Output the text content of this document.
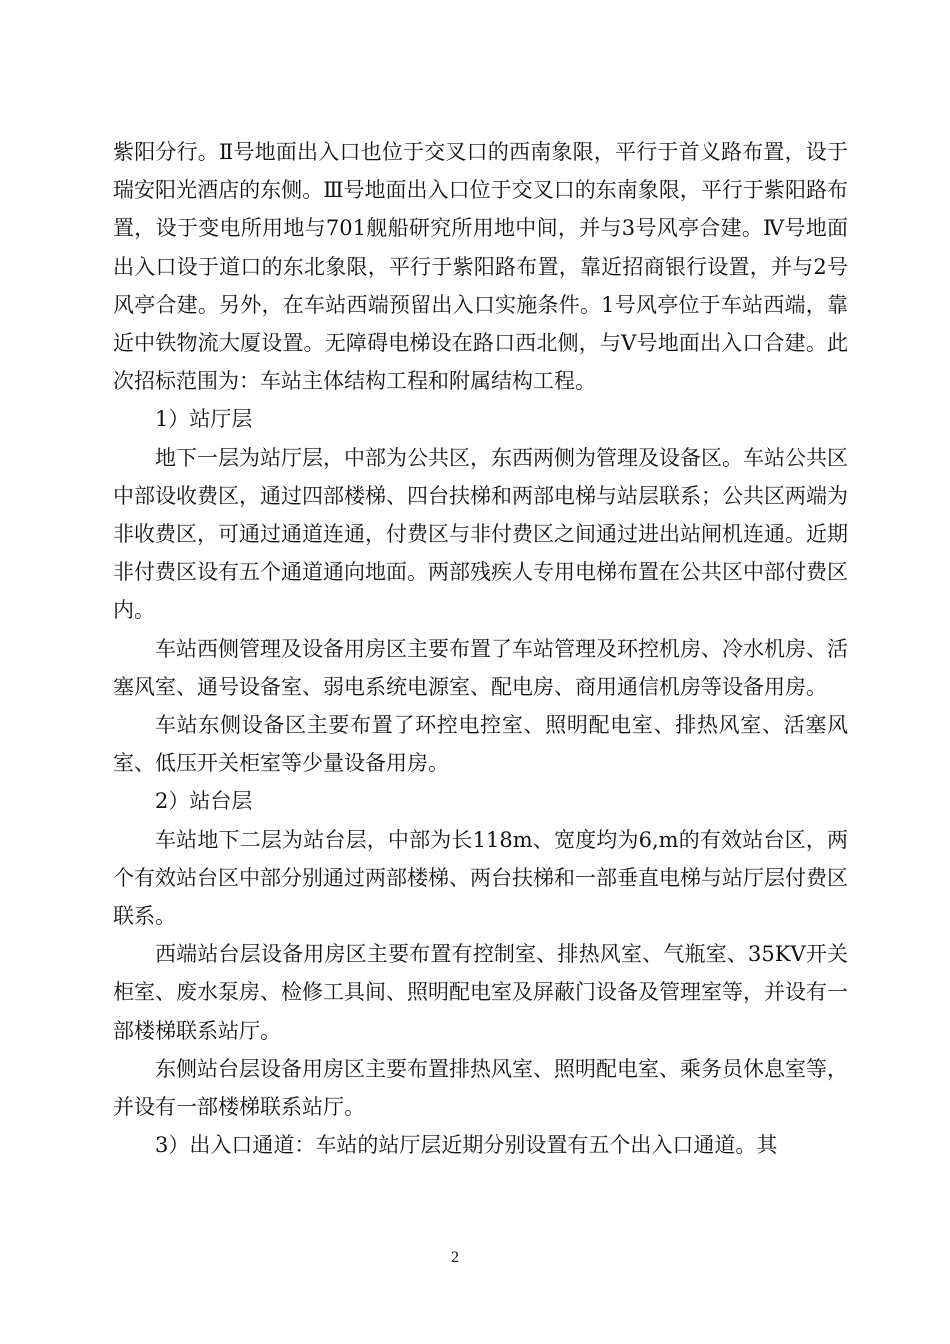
紫阳分行。Ⅱ号地面出入口也位于交叉口的西南象限，平行于首义路布置，设于瑞安阳光酒店的东侧。Ⅲ号地面出入口位于交叉口的东南象限，平行于紫阳路布置，设于变电所用地与701舰船研究所用地中间，并与3号风亭合建。Ⅳ号地面出入口设于道口的东北象限，平行于紫阳路布置，靠近招商银行设置，并与2号风亭合建。另外，在车站西端预留出入口实施条件。1号风亭位于车站西端，靠近中铁物流大厦设置。无障碍电梯设在路口西北侧，与Ⅴ号地面出入口合建。此次招标范围为：车站主体结构工程和附属结构工程。

1）站厅层

地下一层为站厅层，中部为公共区，东西两侧为管理及设备区。车站公共区中部设收费区，通过四部楼梯、四台扶梯和两部电梯与站层联系；公共区两端为非收费区，可通过通道连通，付费区与非付费区之间通过进出站闸机连通。近期非付费区设有五个通道通向地面。两部残疾人专用电梯布置在公共区中部付费区内。

车站西侧管理及设备用房区主要布置了车站管理及环控机房、冷水机房、活塞风室、通号设备室、弱电系统电源室、配电房、商用通信机房等设备用房。

车站东侧设备区主要布置了环控电控室、照明配电室、排热风室、活塞风室、低压开关柜室等少量设备用房。

2）站台层

车站地下二层为站台层，中部为长118m、宽度均为6,m的有效站台区，两个有效站台区中部分别通过两部楼梯、两台扶梯和一部垂直电梯与站厅层付费区联系。

西端站台层设备用房区主要布置有控制室、排热风室、气瓶室、35KV开关柜室、废水泵房、检修工具间、照明配电室及屏蔽门设备及管理室等，并设有一部楼梯联系站厅。

东侧站台层设备用房区主要布置排热风室、照明配电室、乘务员休息室等，并设有一部楼梯联系站厅。

3）出入口通道：车站的站厅层近期分别设置有五个出入口通道。其

2
